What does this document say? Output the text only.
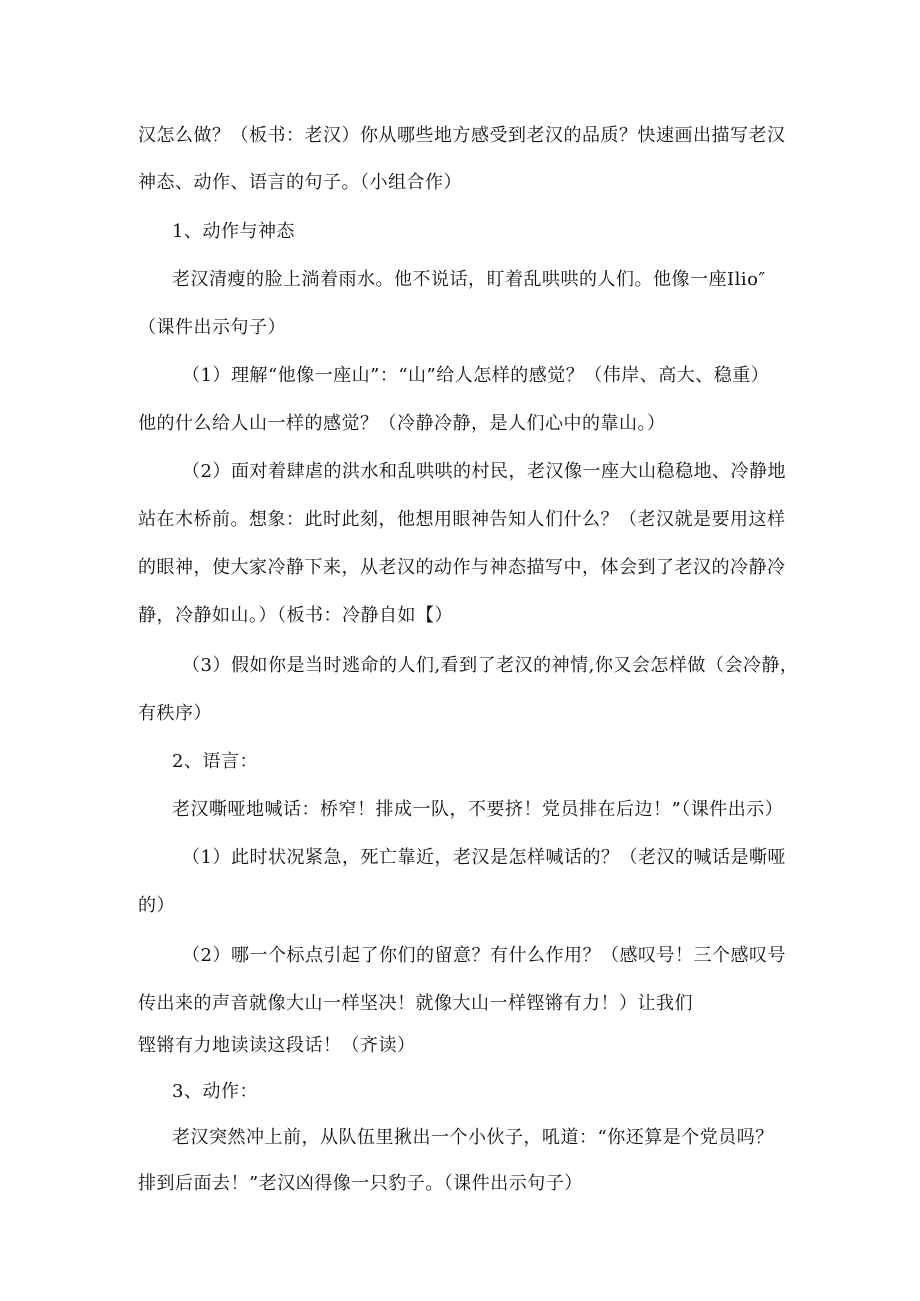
汉怎么做？（板书：老汉）你从哪些地方感受到老汉的品质？快速画出描写老汉
神态、动作、语言的句子。（小组合作）
1、动作与神态
老汉清瘦的脸上淌着雨水。他不说话，盯着乱哄哄的人们。他像一座Ilio″
（课件出示句子）
（1）理解“他像一座山”：“山”给人怎样的感觉？（伟岸、高大、稳重）
他的什么给人山一样的感觉？（冷静冷静，是人们心中的靠山。）
（2）面对着肆虐的洪水和乱哄哄的村民，老汉像一座大山稳稳地、冷静地
站在木桥前。想象：此时此刻，他想用眼神告知人们什么？（老汉就是要用这样
的眼神，使大家冷静下来，从老汉的动作与神态描写中，体会到了老汉的冷静冷
静，冷静如山。）（板书：冷静自如【）
（3）假如你是当时逃命的人们,看到了老汉的神情,你又会怎样做（会冷静，
有秩序）
2、语言：
老汉嘶哑地喊话：桥窄！排成一队，不要挤！党员排在后边！”（课件出示）
（1）此时状况紧急，死亡靠近，老汉是怎样喊话的？（老汉的喊话是嘶哑
的）
（2）哪一个标点引起了你们的留意？有什么作用？（感叹号！三个感叹号
传出来的声音就像大山一样坚决！就像大山一样铿锵有力！）让我们
铿锵有力地读读这段话！（齐读）
3、动作：
老汉突然冲上前，从队伍里揪出一个小伙子，吼道：“你还算是个党员吗？
排到后面去！”老汉凶得像一只豹子。（课件出示句子）
